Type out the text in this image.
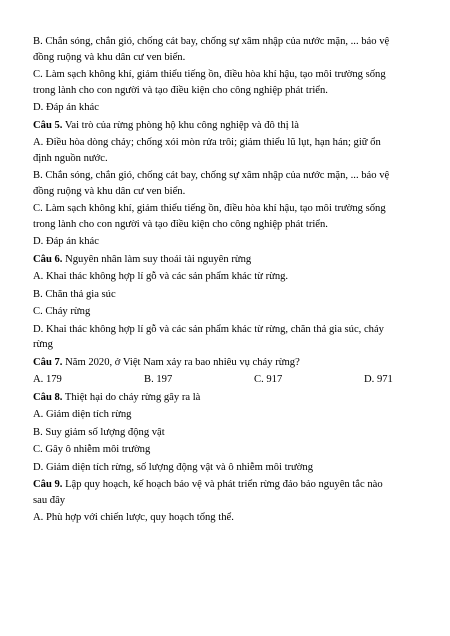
B. Chắn sóng, chắn gió, chống cát bay, chống sự xâm nhập của nước mặn, ... bảo vệ

đồng ruộng và khu dân cư ven biển.

C. Làm sạch không khí, giảm thiểu tiếng ồn, điều hòa khí hậu, tạo môi trường sống

trong lành cho con người và tạo điều kiện cho công nghiệp phát triển.

D. Đáp án khác

Câu 5. Vai trò của rừng phòng hộ khu công nghiệp và đô thị là

A. Điều hòa dòng chảy; chống xói mòn rửa trôi; giảm thiểu lũ lụt, hạn hán; giữ ổn

định nguồn nước.

B. Chắn sóng, chắn gió, chống cát bay, chống sự xâm nhập của nước mặn, ... bảo vệ

đồng ruộng và khu dân cư ven biển.

C. Làm sạch không khí, giảm thiểu tiếng ồn, điều hòa khí hậu, tạo môi trường sống

trong lành cho con người và tạo điều kiện cho công nghiệp phát triển.

D. Đáp án khác

Câu 6. Nguyên nhân làm suy thoái tài nguyên rừng

A. Khai thác không hợp lí gỗ và các sản phẩm khác từ rừng.

B. Chăn thả gia súc

C. Cháy rừng

D. Khai thác không hợp lí gỗ và các sản phẩm khác từ rừng, chăn thả gia súc, cháy

rừng

Câu 7. Năm 2020, ở Việt Nam xảy ra bao nhiêu vụ cháy rừng?

A. 179	B. 197	C. 917	D. 971

Câu 8. Thiệt hại do cháy rừng gây ra là

A. Giảm diện tích rừng

B. Suy giảm số lượng động vật

C. Gây ô nhiễm môi trường

D. Giảm diện tích rừng, số lượng động vật và ô nhiễm môi trường

Câu 9. Lập quy hoạch, kế hoạch bảo vệ và phát triển rừng đảo bảo nguyên tắc nào

sau đây

A. Phù hợp với chiến lược, quy hoạch tổng thể.
